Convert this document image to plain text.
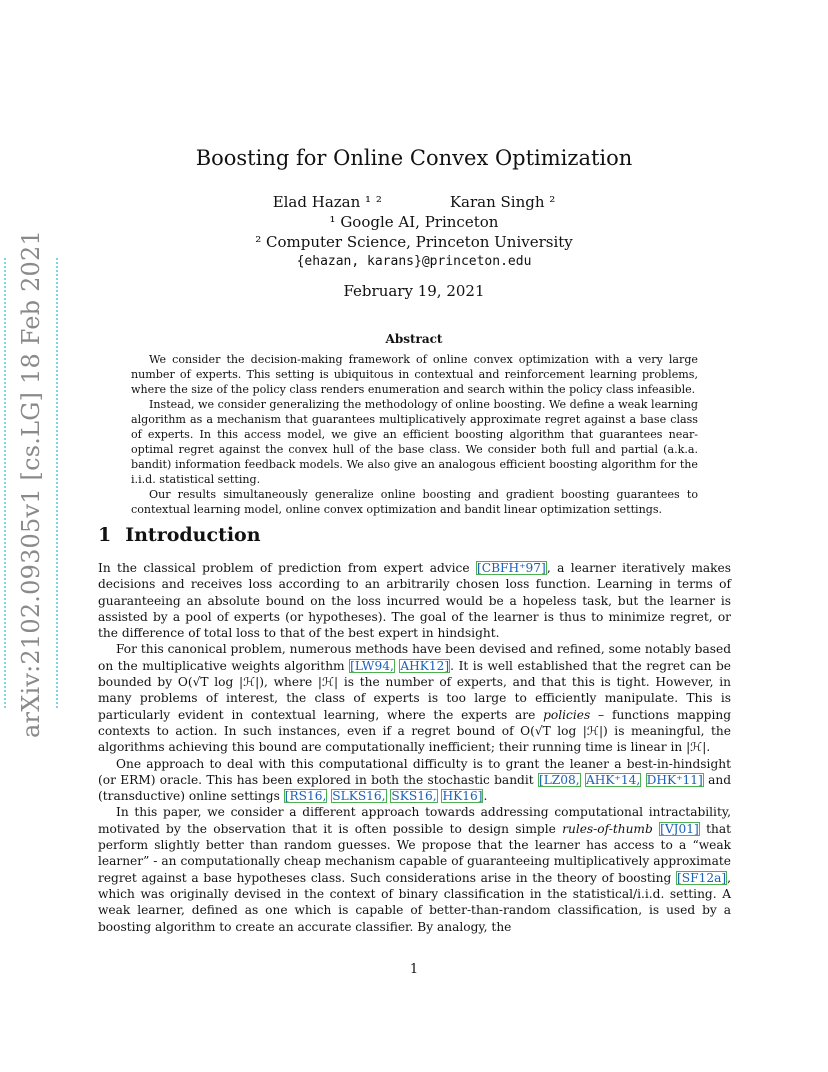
arXiv:2102.09305v1 [cs.LG] 18 Feb 2021
Boosting for Online Convex Optimization
Elad Hazan ¹ ²	Karan Singh ²
¹ Google AI, Princeton
² Computer Science, Princeton University
{ehazan, karans}@princeton.edu
February 19, 2021
Abstract

We consider the decision-making framework of online convex optimization with a very large number of experts. This setting is ubiquitous in contextual and reinforcement learning problems, where the size of the policy class renders enumeration and search within the policy class infeasible.

Instead, we consider generalizing the methodology of online boosting. We define a weak learning algorithm as a mechanism that guarantees multiplicatively approximate regret against a base class of experts. In this access model, we give an efficient boosting algorithm that guarantees near-optimal regret against the convex hull of the base class. We consider both full and partial (a.k.a. bandit) information feedback models. We also give an analogous efficient boosting algorithm for the i.i.d. statistical setting.

Our results simultaneously generalize online boosting and gradient boosting guarantees to contextual learning model, online convex optimization and bandit linear optimization settings.

1 Introduction

In the classical problem of prediction from expert advice [CBFH⁺97], a learner iteratively makes decisions and receives loss according to an arbitrarily chosen loss function. Learning in terms of guaranteeing an absolute bound on the loss incurred would be a hopeless task, but the learner is assisted by a pool of experts (or hypotheses). The goal of the learner is thus to minimize regret, or the difference of total loss to that of the best expert in hindsight.

For this canonical problem, numerous methods have been devised and refined, some notably based on the multiplicative weights algorithm [LW94, AHK12]. It is well established that the regret can be bounded by O(√T log |ℋ|), where |ℋ| is the number of experts, and that this is tight. However, in many problems of interest, the class of experts is too large to efficiently manipulate. This is particularly evident in contextual learning, where the experts are policies – functions mapping contexts to action. In such instances, even if a regret bound of O(√T log |ℋ|) is meaningful, the algorithms achieving this bound are computationally inefficient; their running time is linear in |ℋ|.

One approach to deal with this computational difficulty is to grant the leaner a best-in-hindsight (or ERM) oracle. This has been explored in both the stochastic bandit [LZ08, AHK⁺14, DHK⁺11] and (transductive) online settings [RS16, SLKS16, SKS16, HK16].

In this paper, we consider a different approach towards addressing computational intractability, motivated by the observation that it is often possible to design simple rules-of-thumb [VJ01] that perform slightly better than random guesses. We propose that the learner has access to a “weak learner” - an computationally cheap mechanism capable of guaranteeing multiplicatively approximate regret against a base hypotheses class. Such considerations arise in the theory of boosting [SF12a], which was originally devised in the context of binary classification in the statistical/i.i.d. setting. A weak learner, defined as one which is capable of better-than-random classification, is used by a boosting algorithm to create an accurate classifier. By analogy, the

1
